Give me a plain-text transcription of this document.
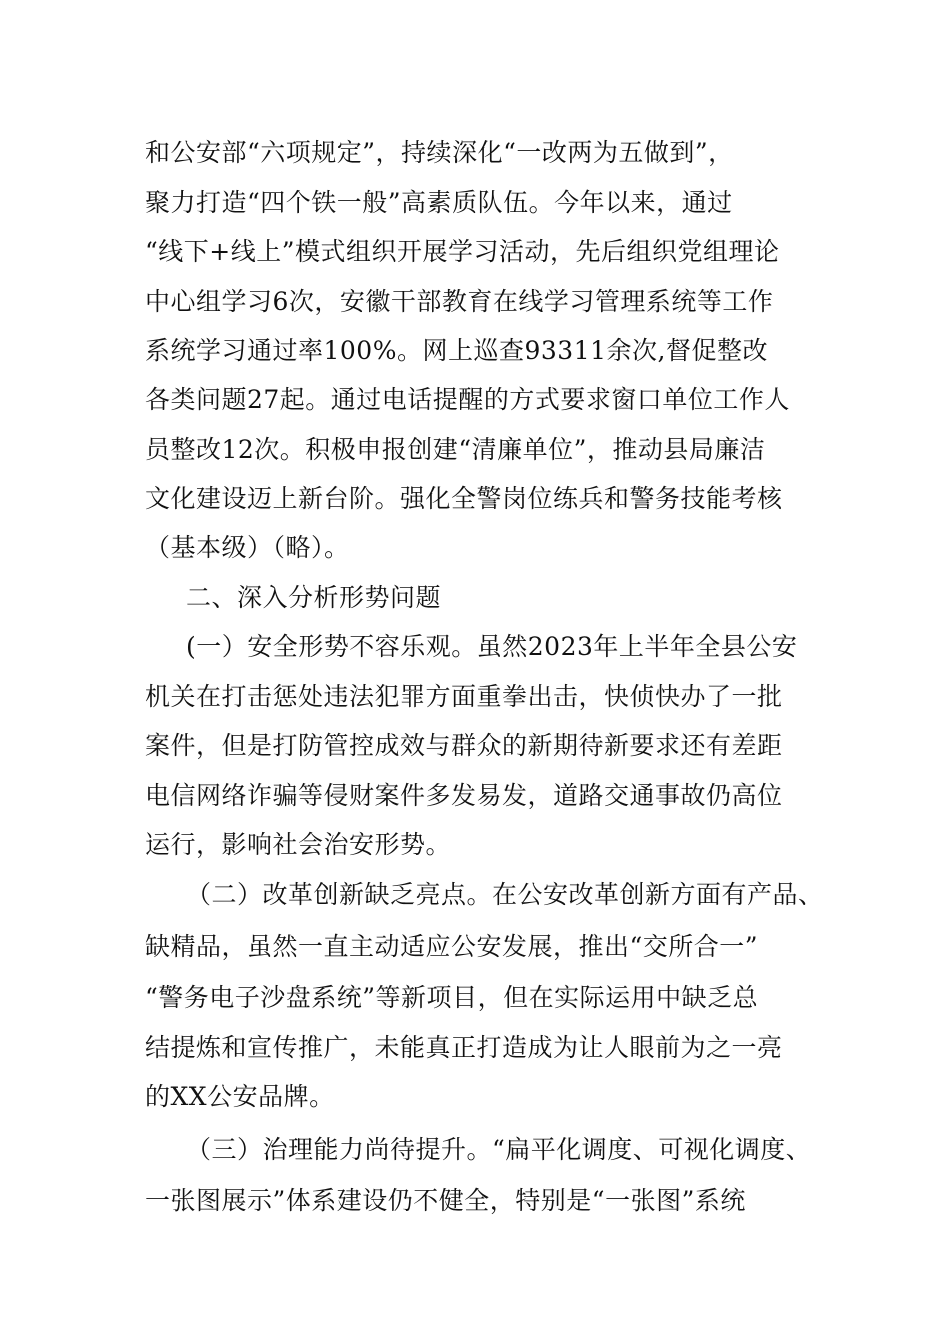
和公安部“六项规定”，持续深化“一改两为五做到”，
聚力打造“四个铁一般”高素质队伍。今年以来，通过
“线下+线上”模式组织开展学习活动，先后组织党组理论
中心组学习6次，安徽干部教育在线学习管理系统等工作
系统学习通过率100%。网上巡查93311余次,督促整改
各类问题27起。通过电话提醒的方式要求窗口单位工作人
员整改12次。积极申报创建“清廉单位”，推动县局廉洁
文化建设迈上新台阶。强化全警岗位练兵和警务技能考核
（基本级）（略）。
二、深入分析形势问题
(一）安全形势不容乐观。虽然2023年上半年全县公安
机关在打击惩处违法犯罪方面重拳出击，快侦快办了一批
案件，但是打防管控成效与群众的新期待新要求还有差距
电信网络诈骗等侵财案件多发易发，道路交通事故仍高位
运行，影响社会治安形势。
（二）改革创新缺乏亮点。在公安改革创新方面有产品、
缺精品，虽然一直主动适应公安发展，推出“交所合一”
“警务电子沙盘系统”等新项目，但在实际运用中缺乏总
结提炼和宣传推广，未能真正打造成为让人眼前为之一亮
的XX公安品牌。
（三）治理能力尚待提升。“扁平化调度、可视化调度、
一张图展示”体系建设仍不健全，特别是“一张图”系统
